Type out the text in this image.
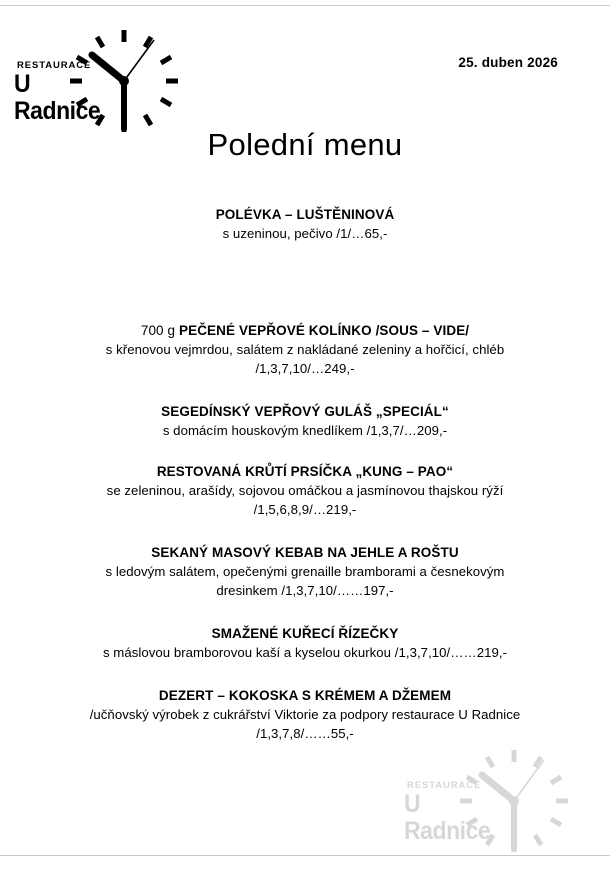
RESTAURACE
U Radnice
25. duben 2026
Polední menu
POLÉVKA – LUŠTĚNINOVÁ
s uzeninou, pečivo /1/…65,-
700 g PEČENÉ VEPŘOVÉ KOLÍNKO /SOUS – VIDE/
s křenovou vejmrdou, salátem z nakládané zeleniny a hořčicí, chléb
/1,3,7,10/…249,-
SEGEDÍNSKÝ VEPŘOVÝ GULÁŠ „SPECIÁL“
s domácím houskovým knedlíkem /1,3,7/…209,-
RESTOVANÁ KRŮTÍ PRSÍČKA „KUNG – PAO“
se zeleninou, arašídy, sojovou omáčkou a jasmínovou thajskou rýží
/1,5,6,8,9/…219,-
SEKANÝ MASOVÝ KEBAB NA JEHLE A ROŠTU
s ledovým salátem, opečenými grenaille bramborami a česnekovým
dresinkem /1,3,7,10/……197,-
SMAŽENÉ KUŘECÍ ŘÍZEČKY
s máslovou bramborovou kaší a kyselou okurkou /1,3,7,10/……219,-
DEZERT – KOKOSKA S KRÉMEM A DŽEMEM
/učňovský výrobek z cukrářství Viktorie za podpory restaurace U Radnice
/1,3,7,8/……55,-
RESTAURACE
U Radnice
